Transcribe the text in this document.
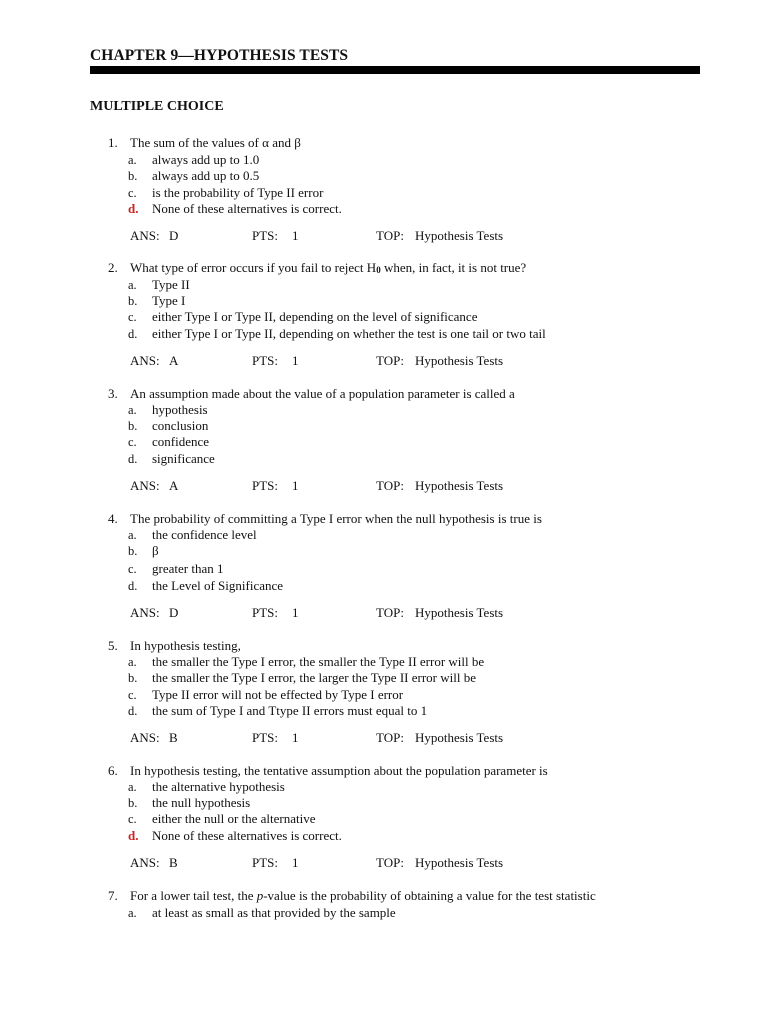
CHAPTER 9—HYPOTHESIS TESTS
MULTIPLE CHOICE
1. The sum of the values of α and β
a. always add up to 1.0
b. always add up to 0.5
c. is the probability of Type II error
d. None of these alternatives is correct.
ANS: D	PTS: 1	TOP: Hypothesis Tests
2. What type of error occurs if you fail to reject $H_0$ when, in fact, it is not true?
a. Type II
b. Type I
c. either Type I or Type II, depending on the level of significance
d. either Type I or Type II, depending on whether the test is one tail or two tail
ANS: A	PTS: 1	TOP: Hypothesis Tests
3. An assumption made about the value of a population parameter is called a
a. hypothesis
b. conclusion
c. confidence
d. significance
ANS: A	PTS: 1	TOP: Hypothesis Tests
4. The probability of committing a Type I error when the null hypothesis is true is
a. the confidence level
b. β
c. greater than 1
d. the Level of Significance
ANS: D	PTS: 1	TOP: Hypothesis Tests
5. In hypothesis testing,
a. the smaller the Type I error, the smaller the Type II error will be
b. the smaller the Type I error, the larger the Type II error will be
c. Type II error will not be effected by Type I error
d. the sum of Type I and Ttype II errors must equal to 1
ANS: B	PTS: 1	TOP: Hypothesis Tests
6. In hypothesis testing, the tentative assumption about the population parameter is
a. the alternative hypothesis
b. the null hypothesis
c. either the null or the alternative
d. None of these alternatives is correct.
ANS: B	PTS: 1	TOP: Hypothesis Tests
7. For a lower tail test, the p-value is the probability of obtaining a value for the test statistic
a. at least as small as that provided by the sample
